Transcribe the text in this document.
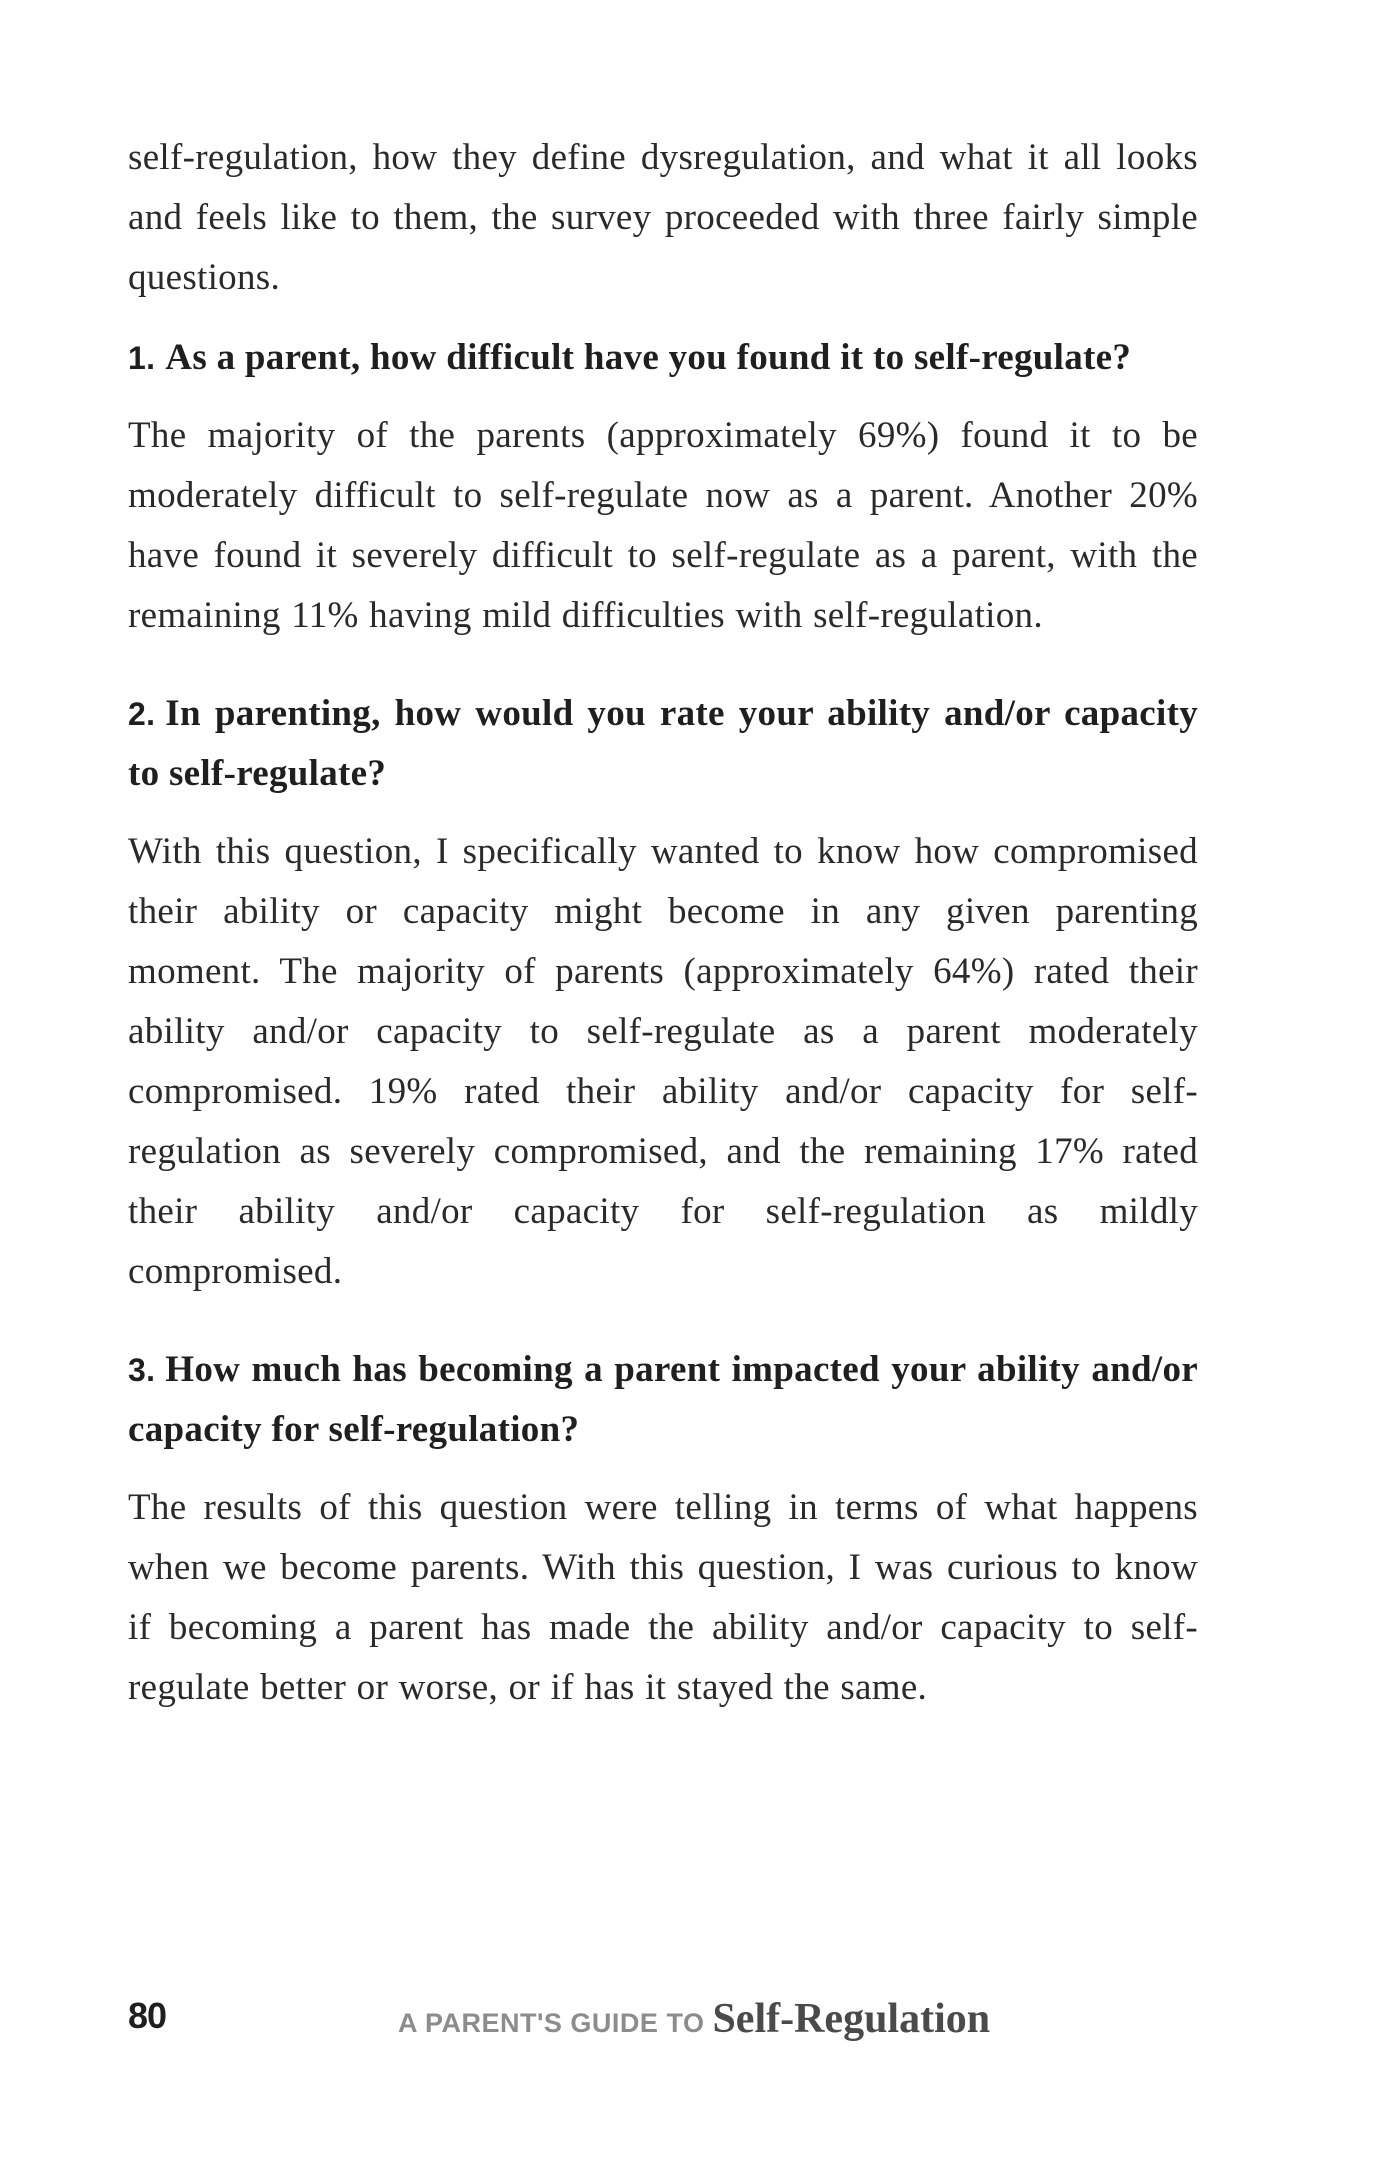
self-regulation, how they define dysregulation, and what it all looks and feels like to them, the survey proceeded with three fairly simple questions.

1. As a parent, how difficult have you found it to self-regulate?

The majority of the parents (approximately 69%) found it to be moderately difficult to self-regulate now as a parent. Another 20% have found it severely difficult to self-regulate as a parent, with the remaining 11% having mild difficulties with self-regulation.

2. In parenting, how would you rate your ability and/or capacity to self-regulate?

With this question, I specifically wanted to know how compromised their ability or capacity might become in any given parenting moment. The majority of parents (approximately 64%) rated their ability and/or capacity to self-regulate as a parent moderately compromised. 19% rated their ability and/or capacity for self-regulation as severely compromised, and the remaining 17% rated their ability and/or capacity for self-regulation as mildly compromised.

3. How much has becoming a parent impacted your ability and/or capacity for self-regulation?

The results of this question were telling in terms of what happens when we become parents. With this question, I was curious to know if becoming a parent has made the ability and/or capacity to self-regulate better or worse, or if has it stayed the same.

80	A PARENT'S GUIDE TO Self-Regulation
